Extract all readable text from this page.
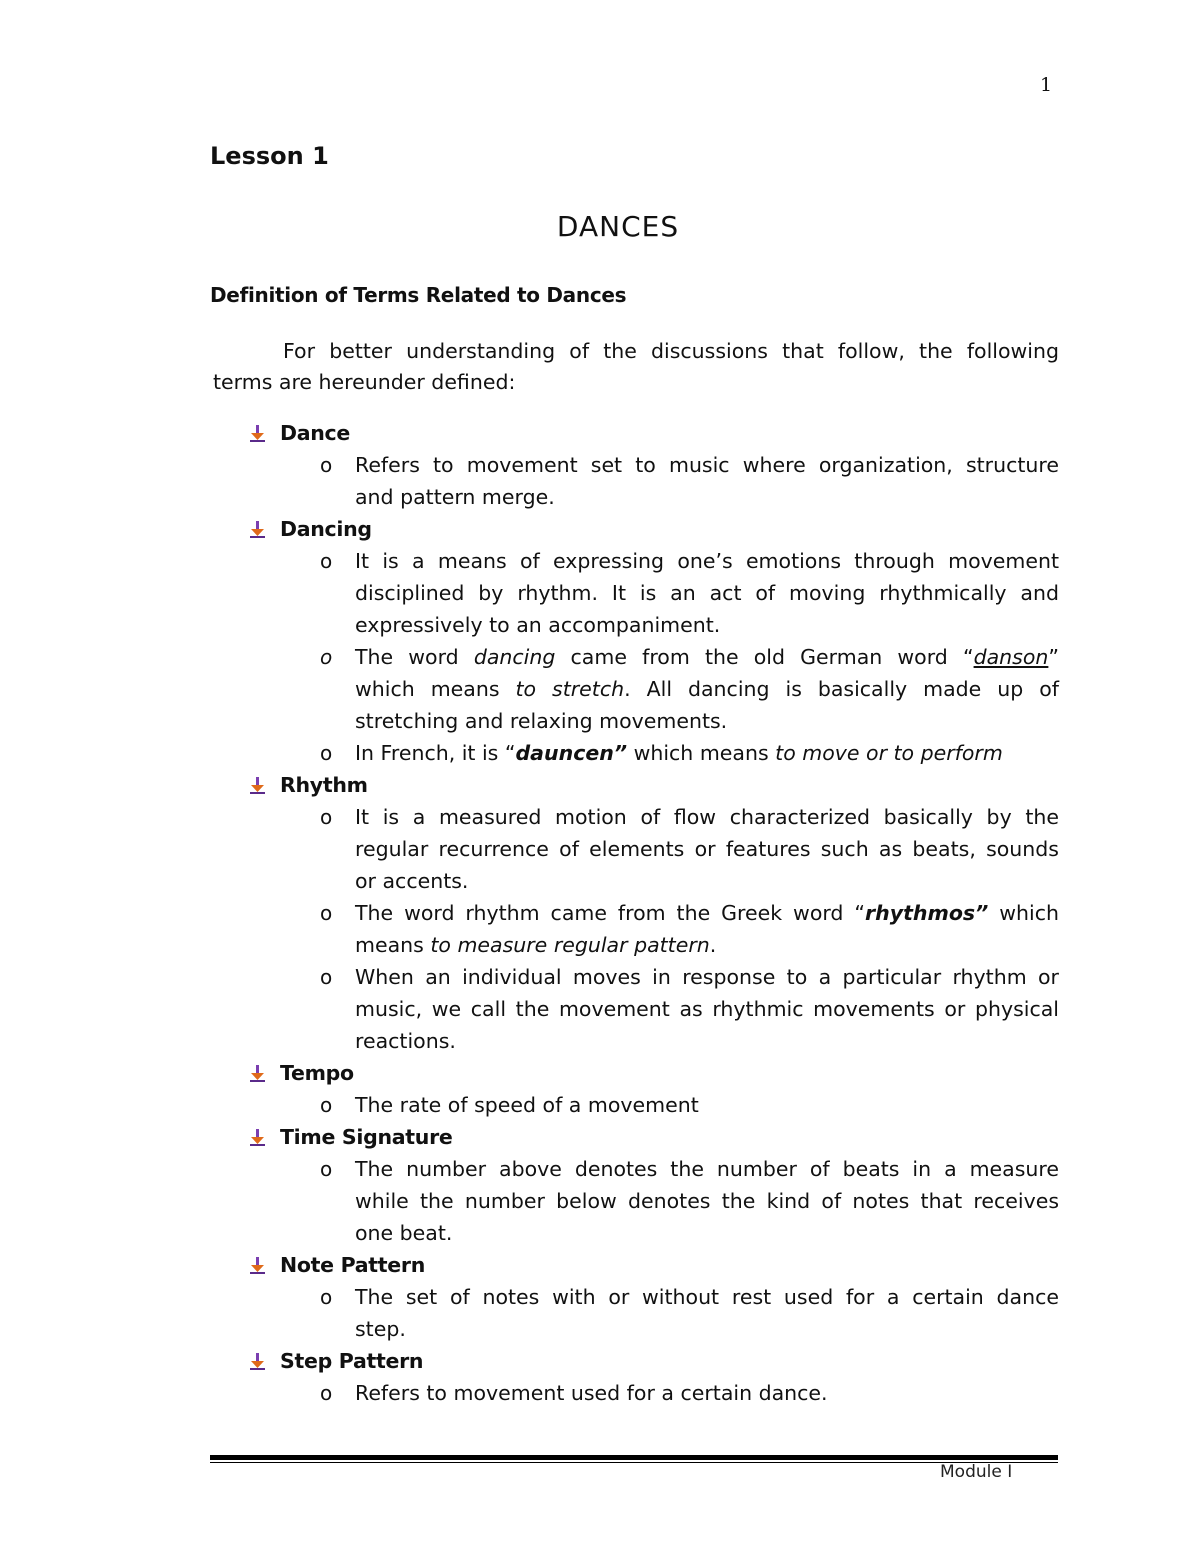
1
Lesson 1
DANCES
Definition of Terms Related to Dances
For better understanding of the discussions that follow, the following
terms are hereunder defined:
Dance
o	Refers to movement set to music where organization, structure
and pattern merge.
Dancing
o	It is a means of expressing one’s emotions through movement
disciplined by rhythm. It is an act of moving rhythmically and
expressively to an accompaniment.
o	The word dancing came from the old German word “danson”
which means to stretch. All dancing is basically made up of
stretching and relaxing movements.
o	In French, it is “dauncen” which means to move or to perform
Rhythm
o	It is a measured motion of flow characterized basically by the
regular recurrence of elements or features such as beats, sounds
or accents.
o	The word rhythm came from the Greek word “rhythmos” which
means to measure regular pattern.
o	When an individual moves in response to a particular rhythm or
music, we call the movement as rhythmic movements or physical
reactions.
Tempo
o	The rate of speed of a movement
Time Signature
o	The number above denotes the number of beats in a measure
while the number below denotes the kind of notes that receives
one beat.
Note Pattern
o	The set of notes with or without rest used for a certain dance
step.
Step Pattern
o	Refers to movement used for a certain dance.
Module I
